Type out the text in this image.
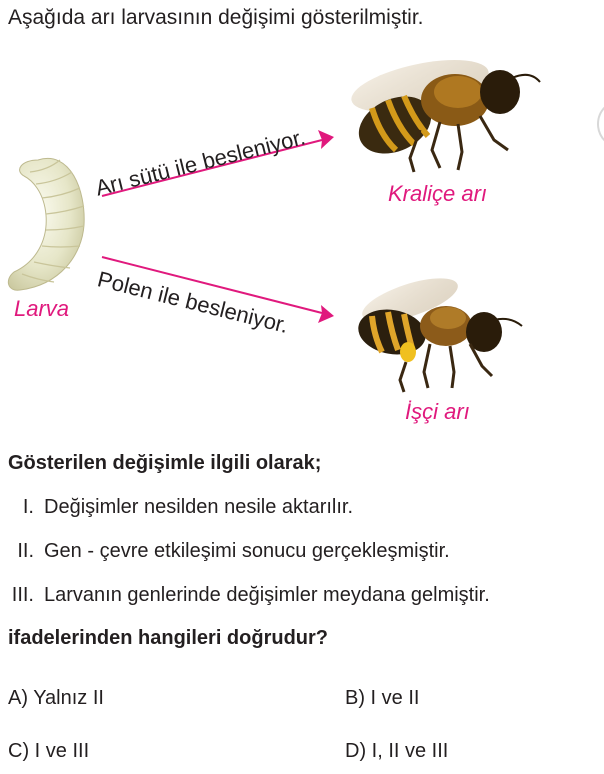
Aşağıda arı larvasının değişimi gösterilmiştir.
Arı sütü ile besleniyor.
Polen ile besleniyor.
Larva
Kraliçe arı
İşçi arı
Gösterilen değişimle ilgili olarak;
I. Değişimler nesilden nesile aktarılır.
II. Gen - çevre etkileşimi sonucu gerçekleşmiştir.
III. Larvanın genlerinde değişimler meydana gelmiştir.
ifadelerinden hangileri doğrudur?
A) Yalnız II	B) I ve II
C) I ve III	D) I, II ve III
